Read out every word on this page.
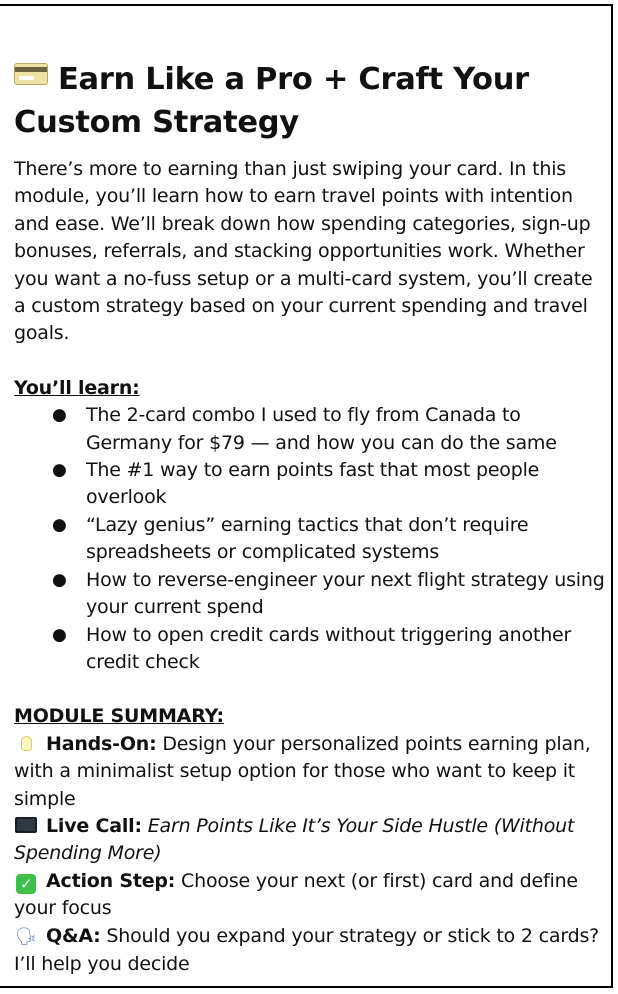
Earn Like a Pro + Craft Your Custom Strategy

There’s more to earning than just swiping your card. In this module, you’ll learn how to earn travel points with intention and ease. We’ll break down how spending categories, sign-up bonuses, referrals, and stacking opportunities work. Whether you want a no-fuss setup or a multi-card system, you’ll create a custom strategy based on your current spending and travel goals.

You’ll learn:
● The 2-card combo I used to fly from Canada to Germany for $79 — and how you can do the same
● The #1 way to earn points fast that most people overlook
● “Lazy genius” earning tactics that don’t require spreadsheets or complicated systems
● How to reverse-engineer your next flight strategy using your current spend
● How to open credit cards without triggering another credit check
MODULE SUMMARY:
Hands-On: Design your personalized points earning plan, with a minimalist setup option for those who want to keep it simple
Live Call: Earn Points Like It’s Your Side Hustle (Without Spending More)
✓ Action Step: Choose your next (or first) card and define your focus
🗣 Q&A: Should you expand your strategy or stick to 2 cards? I’ll help you decide
